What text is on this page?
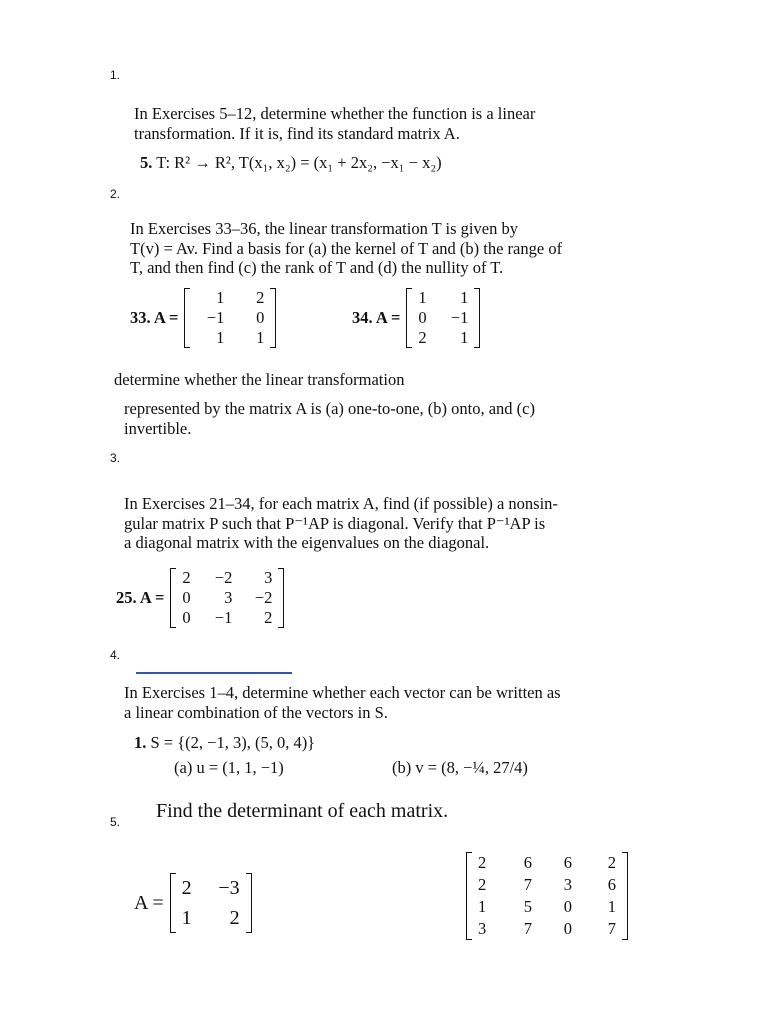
1.
In Exercises 5–12, determine whether the function is a linear
transformation. If it is, find its standard matrix A.
5. T: R² → R², T(x₁, x₂) = (x₁ + 2x₂, −x₁ − x₂)
2.
In Exercises 33–36, the linear transformation T is given by
T(v) = Av. Find a basis for (a) the kernel of T and (b) the range of
T, and then find (c) the rank of T and (d) the nullity of T.
33. A =
1	2
−1	0
1	1
34. A =
1	1
0	−1
2	1
determine whether the linear transformation
represented by the matrix A is (a) one-to-one, (b) onto, and (c)
invertible.
3.
In Exercises 21–34, for each matrix A, find (if possible) a nonsin-
gular matrix P such that P⁻¹AP is diagonal. Verify that P⁻¹AP is
a diagonal matrix with the eigenvalues on the diagonal.
25. A =
2	−2	3
0	3	−2
0	−1	2
4.
In Exercises 1–4, determine whether each vector can be written as
a linear combination of the vectors in S.
1. S = {(2, −1, 3), (5, 0, 4)}
(a) u = (1, 1, −1)	(b) v = (8, −¼, 27/4)
Find the determinant of each matrix.
5.
A =
2	−3
1	2
2	6	6	2
2	7	3	6
1	5	0	1
3	7	0	7
